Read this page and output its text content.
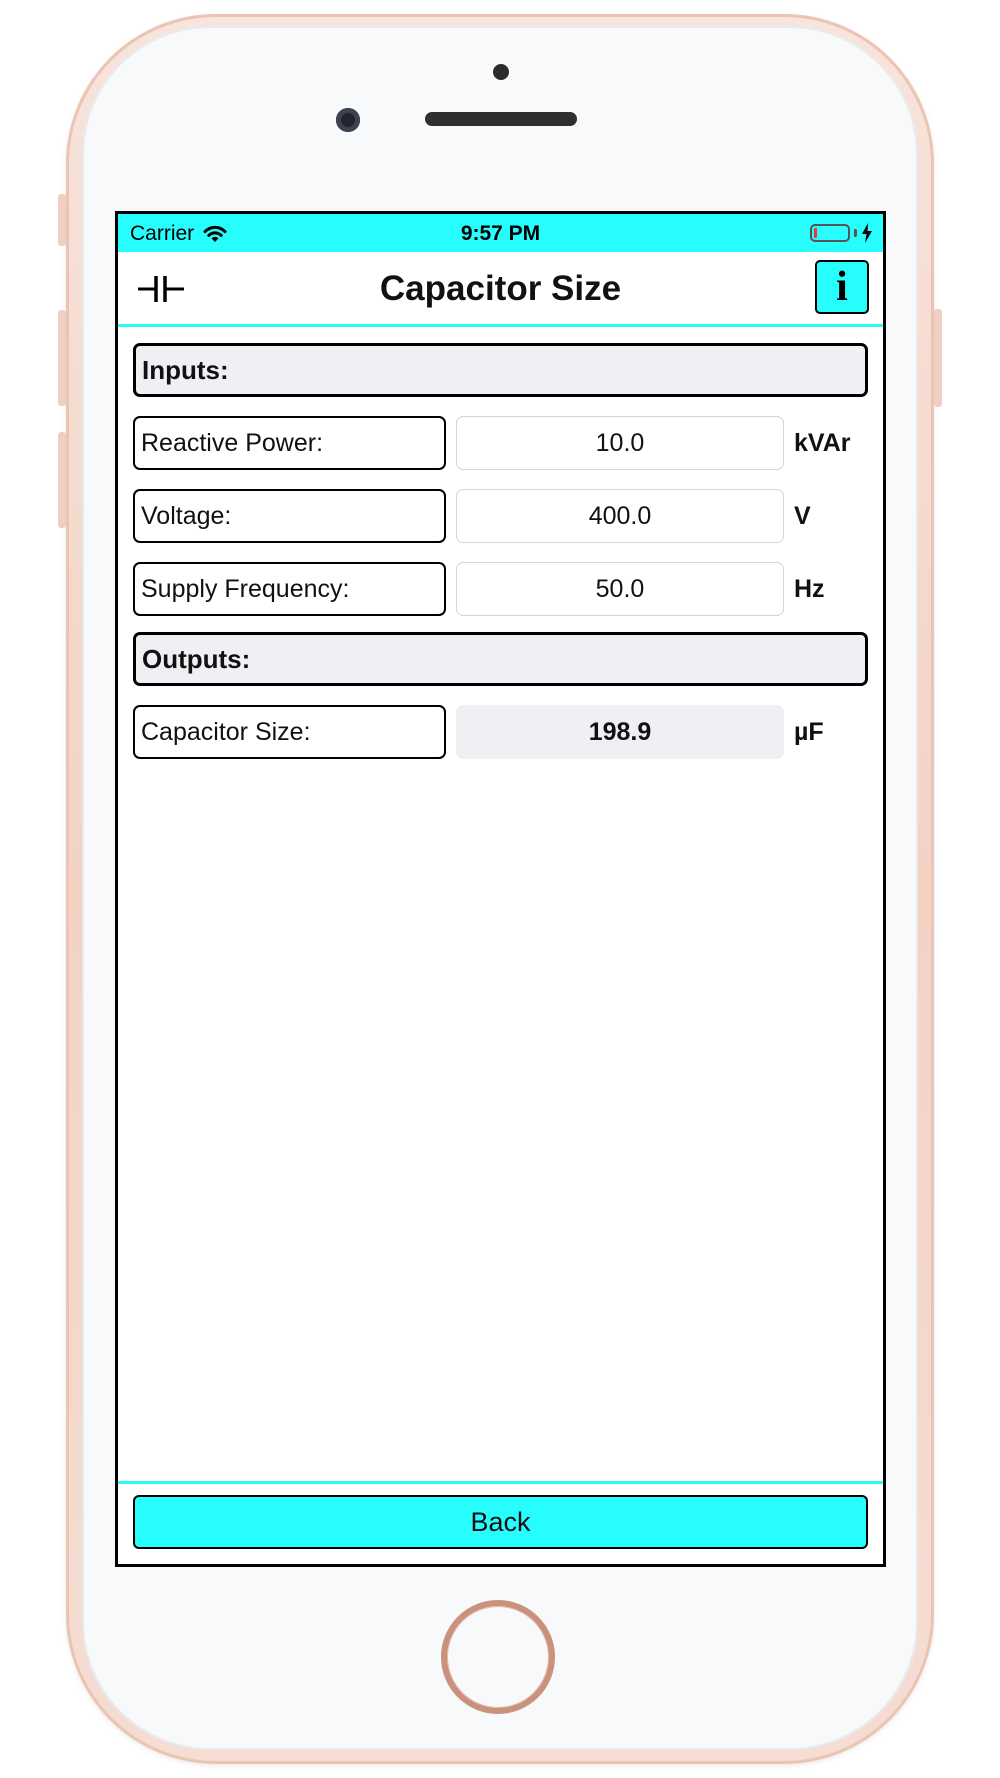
Carrier	9:57 PM
Capacitor Size	i
Inputs:
Reactive Power:	10.0	kVAr
Voltage:	400.0	V
Supply Frequency:	50.0	Hz
Outputs:
Capacitor Size:	198.9	µF
Back
